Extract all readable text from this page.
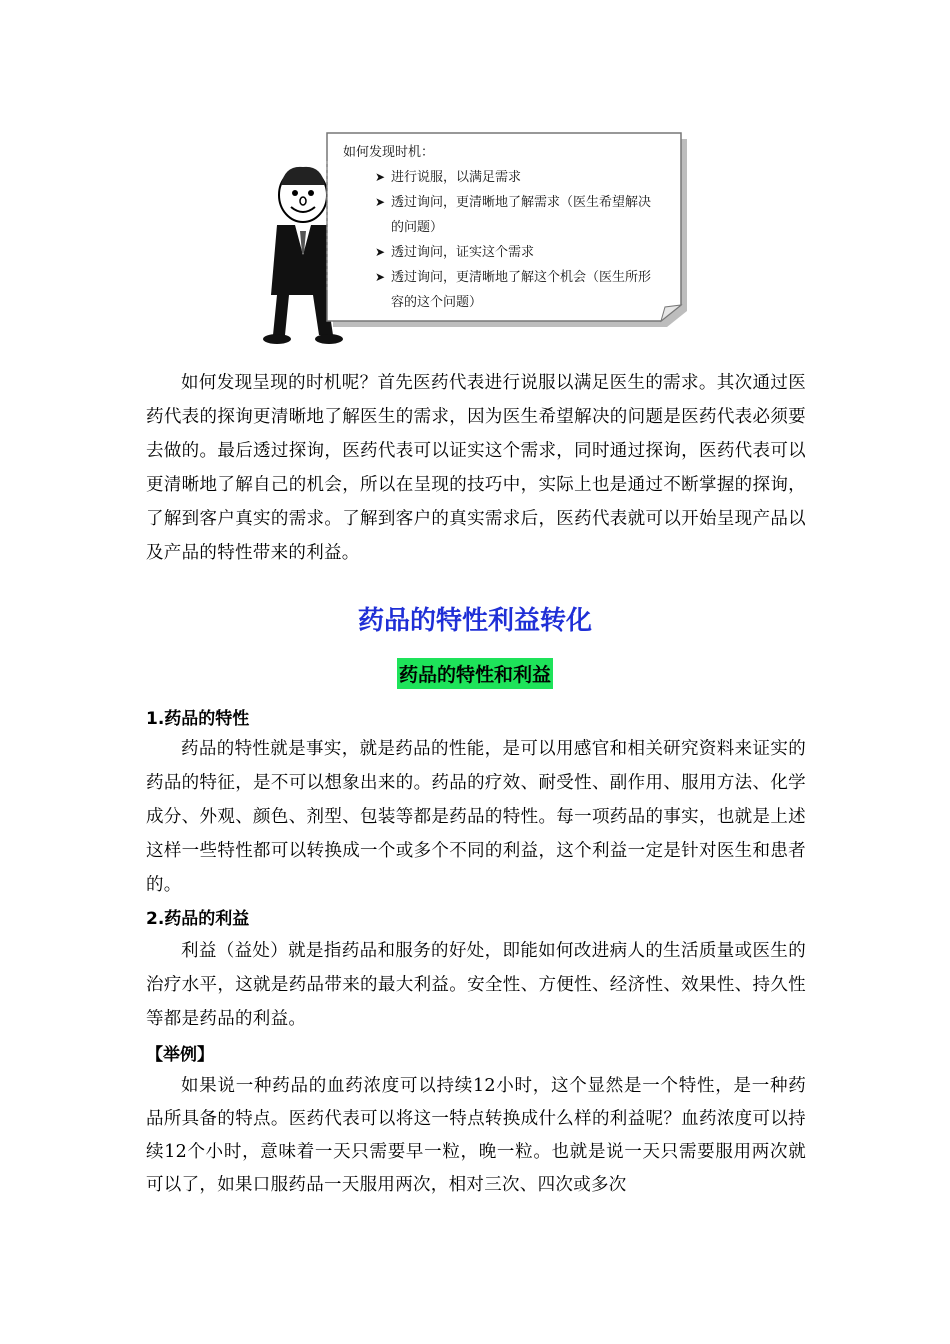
如何发现时机：
➤ 进行说服，以满足需求
➤ 透过询问，更清晰地了解需求（医生希望解决
的问题）
➤ 透过询问，证实这个需求
➤ 透过询问，更清晰地了解这个机会（医生所形
容的这个问题）

如何发现呈现的时机呢？首先医药代表进行说服以满足医生的需求。其次通过医药代表的探询更清晰地了解医生的需求，因为医生希望解决的问题是医药代表必须要去做的。最后透过探询，医药代表可以证实这个需求，同时通过探询，医药代表可以更清晰地了解自己的机会，所以在呈现的技巧中，实际上也是通过不断掌握的探询，了解到客户真实的需求。了解到客户的真实需求后，医药代表就可以开始呈现产品以及产品的特性带来的利益。

药品的特性利益转化
药品的特性和利益
1.药品的特性

药品的特性就是事实，就是药品的性能，是可以用感官和相关研究资料来证实的药品的特征，是不可以想象出来的。药品的疗效、耐受性、副作用、服用方法、化学成分、外观、颜色、剂型、包装等都是药品的特性。每一项药品的事实，也就是上述这样一些特性都可以转换成一个或多个不同的利益，这个利益一定是针对医生和患者的。

2.药品的利益

利益（益处）就是指药品和服务的好处，即能如何改进病人的生活质量或医生的治疗水平，这就是药品带来的最大利益。安全性、方便性、经济性、效果性、持久性等都是药品的利益。

【举例】

如果说一种药品的血药浓度可以持续12小时，这个显然是一个特性，是一种药品所具备的特点。医药代表可以将这一特点转换成什么样的利益呢？血药浓度可以持续12个小时，意味着一天只需要早一粒，晚一粒。也就是说一天只需要服用两次就可以了，如果口服药品一天服用两次，相对三次、四次或多次
